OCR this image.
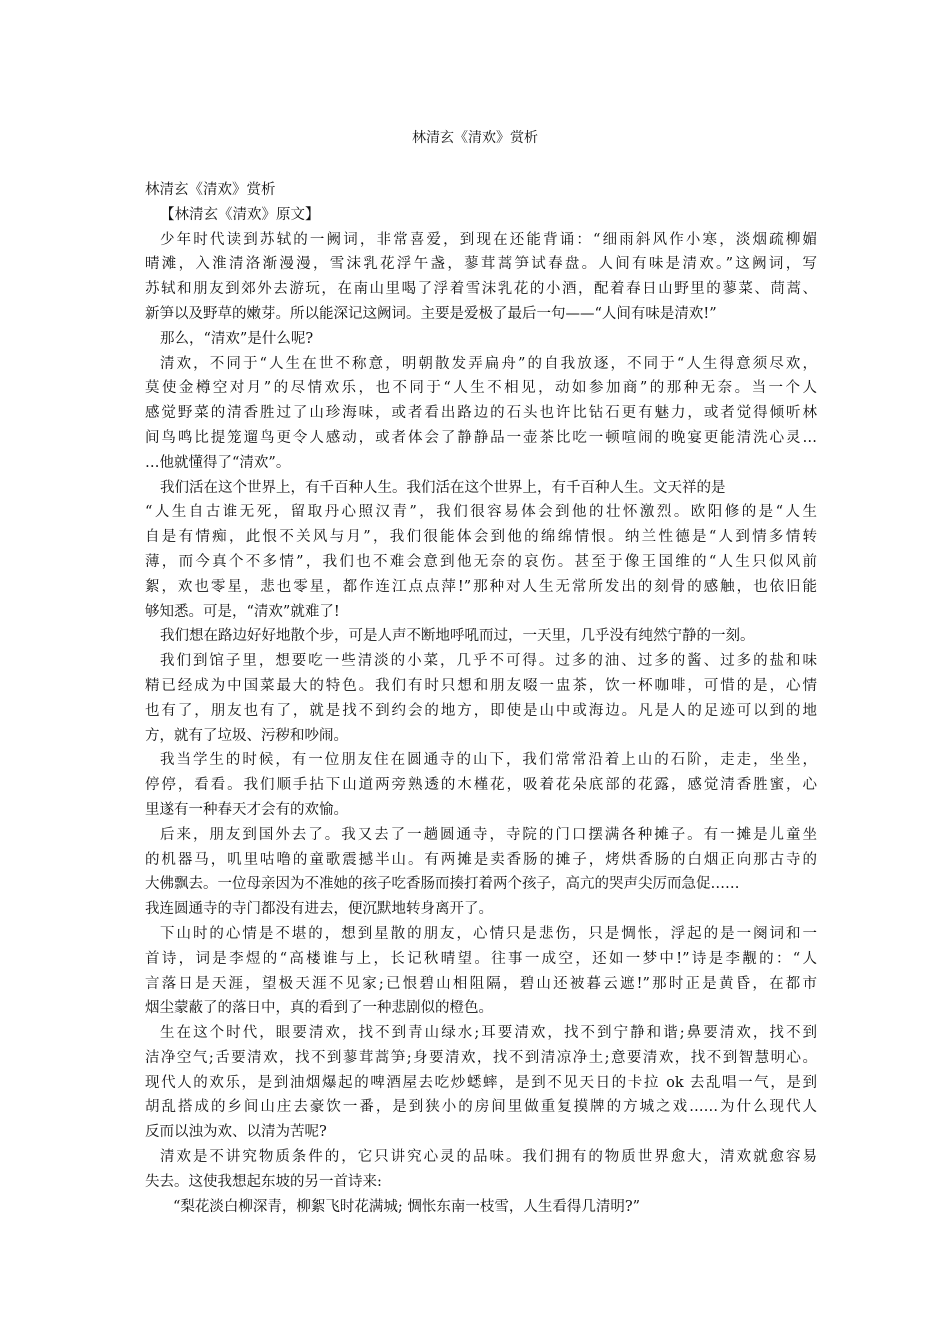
林清玄《清欢》赏析
林清玄《清欢》赏析
【林清玄《清欢》原文】
少年时代读到苏轼的一阙词，非常喜爱，到现在还能背诵：“细雨斜风作小寒，淡烟疏柳媚
晴滩，入淮清洛渐漫漫，雪沫乳花浮午盏，蓼茸蒿笋试春盘。人间有味是清欢。”这阙词，写
苏轼和朋友到郊外去游玩，在南山里喝了浮着雪沫乳花的小酒，配着春日山野里的蓼菜、茼蒿、
新笋以及野草的嫩芽。所以能深记这阙词。主要是爱极了最后一句——“人间有味是清欢!”
那么，“清欢”是什么呢?
清欢，不同于“人生在世不称意，明朝散发弄扁舟”的自我放逐，不同于“人生得意须尽欢，
莫使金樽空对月”的尽情欢乐，也不同于“人生不相见，动如参加商”的那种无奈。当一个人
感觉野菜的清香胜过了山珍海味，或者看出路边的石头也许比钻石更有魅力，或者觉得倾听林
间鸟鸣比提笼遛鸟更令人感动，或者体会了静静品一壶茶比吃一顿喧闹的晚宴更能清洗心灵…
…他就懂得了“清欢”。
我们活在这个世界上，有千百种人生。我们活在这个世界上，有千百种人生。文天祥的是
“人生自古谁无死，留取丹心照汉青”，我们很容易体会到他的壮怀激烈。欧阳修的是“人生
自是有情痴，此恨不关风与月”，我们很能体会到他的绵绵情恨。纳兰性德是“人到情多情转
薄，而今真个不多情”，我们也不难会意到他无奈的哀伤。甚至于像王国维的“人生只似风前
絮，欢也零星，悲也零星，都作连江点点萍!”那种对人生无常所发出的刻骨的感触，也依旧能
够知悉。可是，“清欢”就难了!
我们想在路边好好地散个步，可是人声不断地呼吼而过，一天里，几乎没有纯然宁静的一刻。
我们到馆子里，想要吃一些清淡的小菜，几乎不可得。过多的油、过多的酱、过多的盐和味
精已经成为中国菜最大的特色。我们有时只想和朋友啜一盅茶，饮一杯咖啡，可惜的是，心情
也有了，朋友也有了，就是找不到约会的地方，即使是山中或海边。凡是人的足迹可以到的地
方，就有了垃圾、污秽和吵闹。
我当学生的时候，有一位朋友住在圆通寺的山下，我们常常沿着上山的石阶，走走，坐坐，
停停，看看。我们顺手拈下山道两旁熟透的木槿花，吸着花朵底部的花露，感觉清香胜蜜，心
里遂有一种春天才会有的欢愉。
后来，朋友到国外去了。我又去了一趟圆通寺，寺院的门口摆满各种摊子。有一摊是儿童坐
的机器马，叽里咕噜的童歌震撼半山。有两摊是卖香肠的摊子，烤烘香肠的白烟正向那古寺的
大佛飘去。一位母亲因为不准她的孩子吃香肠而揍打着两个孩子，高亢的哭声尖厉而急促……
我连圆通寺的寺门都没有进去，便沉默地转身离开了。
下山时的心情是不堪的，想到星散的朋友，心情只是悲伤，只是惆怅，浮起的是一阕词和一
首诗，词是李煜的“高楼谁与上，长记秋晴望。往事一成空，还如一梦中!”诗是李觏的：“人
言落日是天涯，望极天涯不见家;已恨碧山相阻隔，碧山还被暮云遮!”那时正是黄昏，在都市
烟尘蒙蔽了的落日中，真的看到了一种悲剧似的橙色。
生在这个时代，眼要清欢，找不到青山绿水;耳要清欢，找不到宁静和谐;鼻要清欢，找不到
洁净空气;舌要清欢，找不到蓼茸蒿笋;身要清欢，找不到清凉净土;意要清欢，找不到智慧明心。
现代人的欢乐，是到油烟爆起的啤酒屋去吃炒蟋蟀，是到不见天日的卡拉 ok 去乱唱一气，是到
胡乱搭成的乡间山庄去豪饮一番，是到狭小的房间里做重复摸牌的方城之戏……为什么现代人
反而以浊为欢、以清为苦呢?
清欢是不讲究物质条件的，它只讲究心灵的品味。我们拥有的物质世界愈大，清欢就愈容易
失去。这使我想起东坡的另一首诗来:
“梨花淡白柳深青，柳絮飞时花满城; 惆怅东南一枝雪，人生看得几清明?”
